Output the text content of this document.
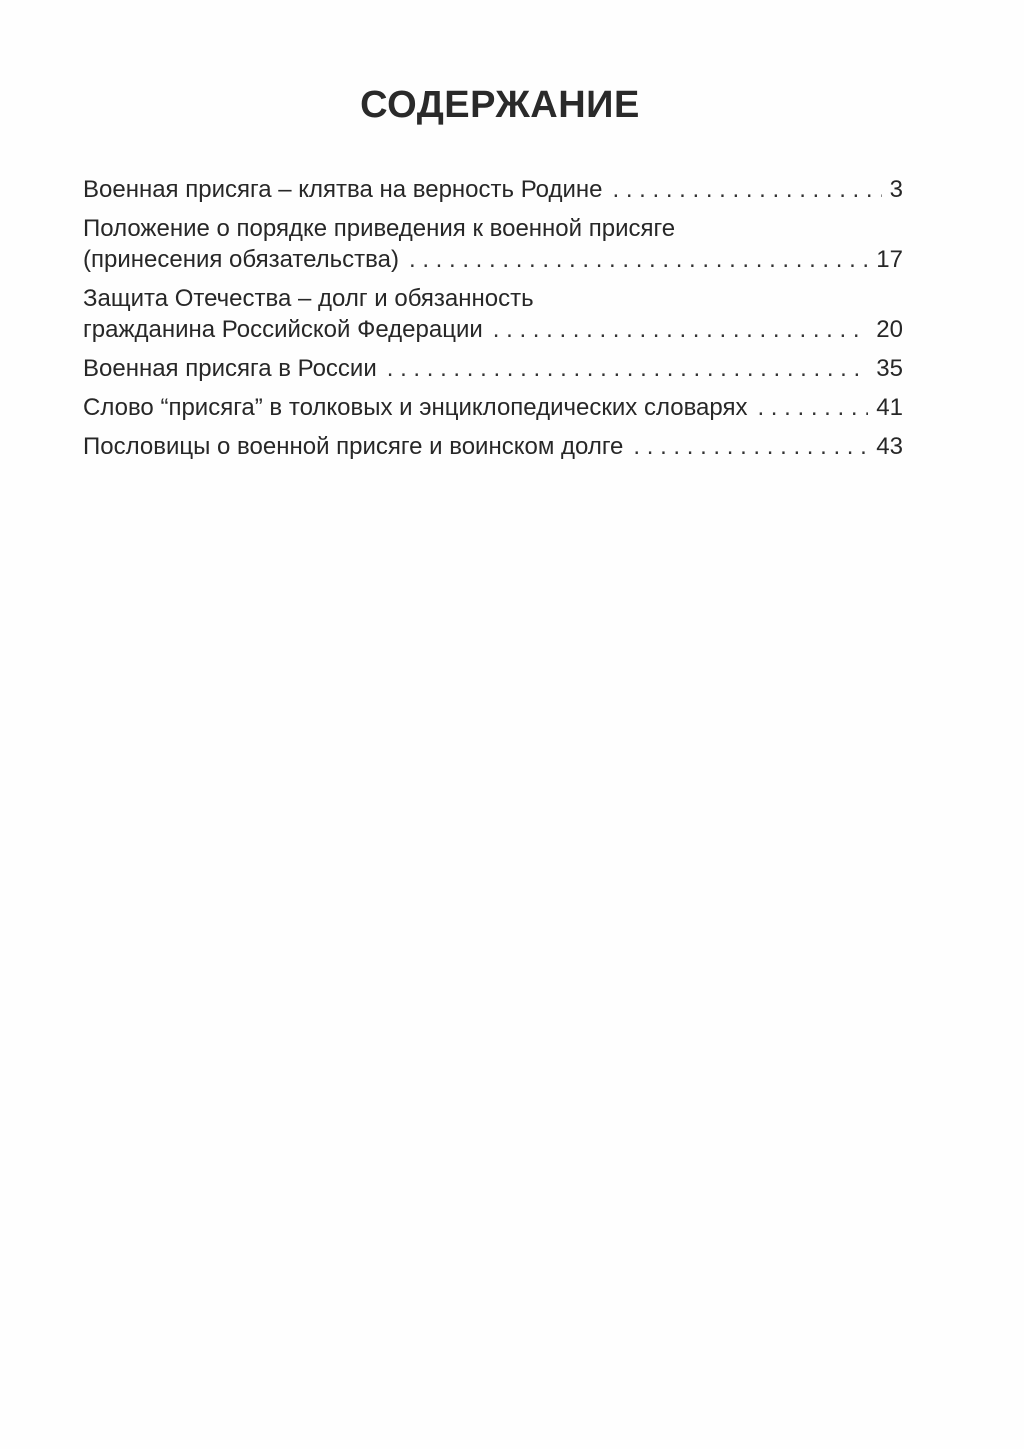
СОДЕРЖАНИЕ
Военная присяга – клятва на верность Родине . . .	3
Положение о порядке приведения к военной присяге
(принесения обязательства) . . .	17
Защита Отечества – долг и обязанность
гражданина Российской Федерации . . .	20
Военная присяга в России . . .	35
Слово “присяга” в толковых и энциклопедических словарях . . .	41
Пословицы о военной присяге и воинском долге . . .	43
